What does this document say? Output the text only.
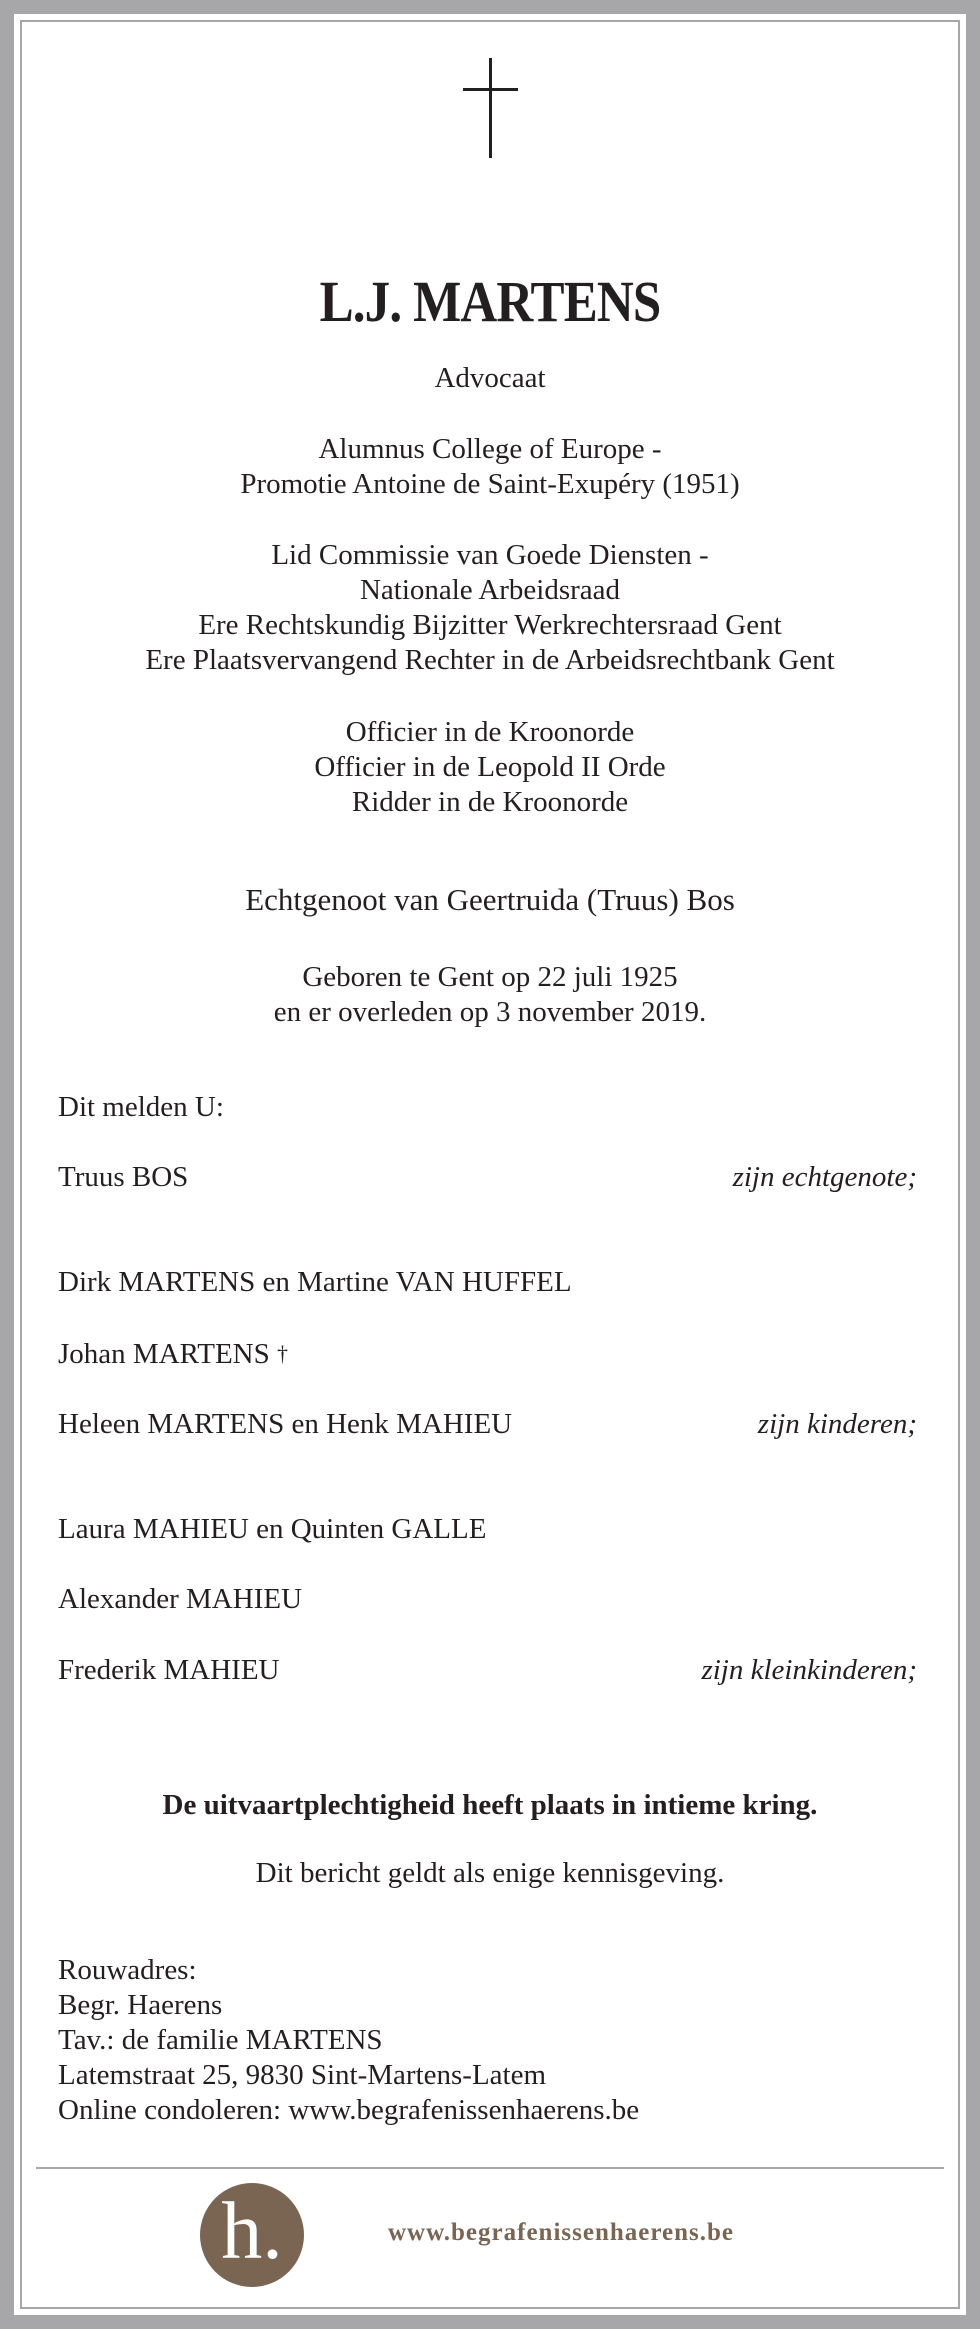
L.J. MARTENS
Advocaat
Alumnus College of Europe -
Promotie Antoine de Saint-Exupéry (1951)
Lid Commissie van Goede Diensten -
Nationale Arbeidsraad
Ere Rechtskundig Bijzitter Werkrechtersraad Gent
Ere Plaatsvervangend Rechter in de Arbeidsrechtbank Gent
Officier in de Kroonorde
Officier in de Leopold II Orde
Ridder in de Kroonorde
Echtgenoot van Geertruida (Truus) Bos
Geboren te Gent op 22 juli 1925
en er overleden op 3 november 2019.
Dit melden U:
Truus BOS	zijn echtgenote;
Dirk MARTENS en Martine VAN HUFFEL
Johan MARTENS †
Heleen MARTENS en Henk MAHIEU	zijn kinderen;
Laura MAHIEU en Quinten GALLE
Alexander MAHIEU
Frederik MAHIEU	zijn kleinkinderen;
De uitvaartplechtigheid heeft plaats in intieme kring.
Dit bericht geldt als enige kennisgeving.
Rouwadres:
Begr. Haerens
Tav.: de familie MARTENS
Latemstraat 25, 9830 Sint-Martens-Latem
Online condoleren: www.begrafenissenhaerens.be
h.	www.begrafenissenhaerens.be
